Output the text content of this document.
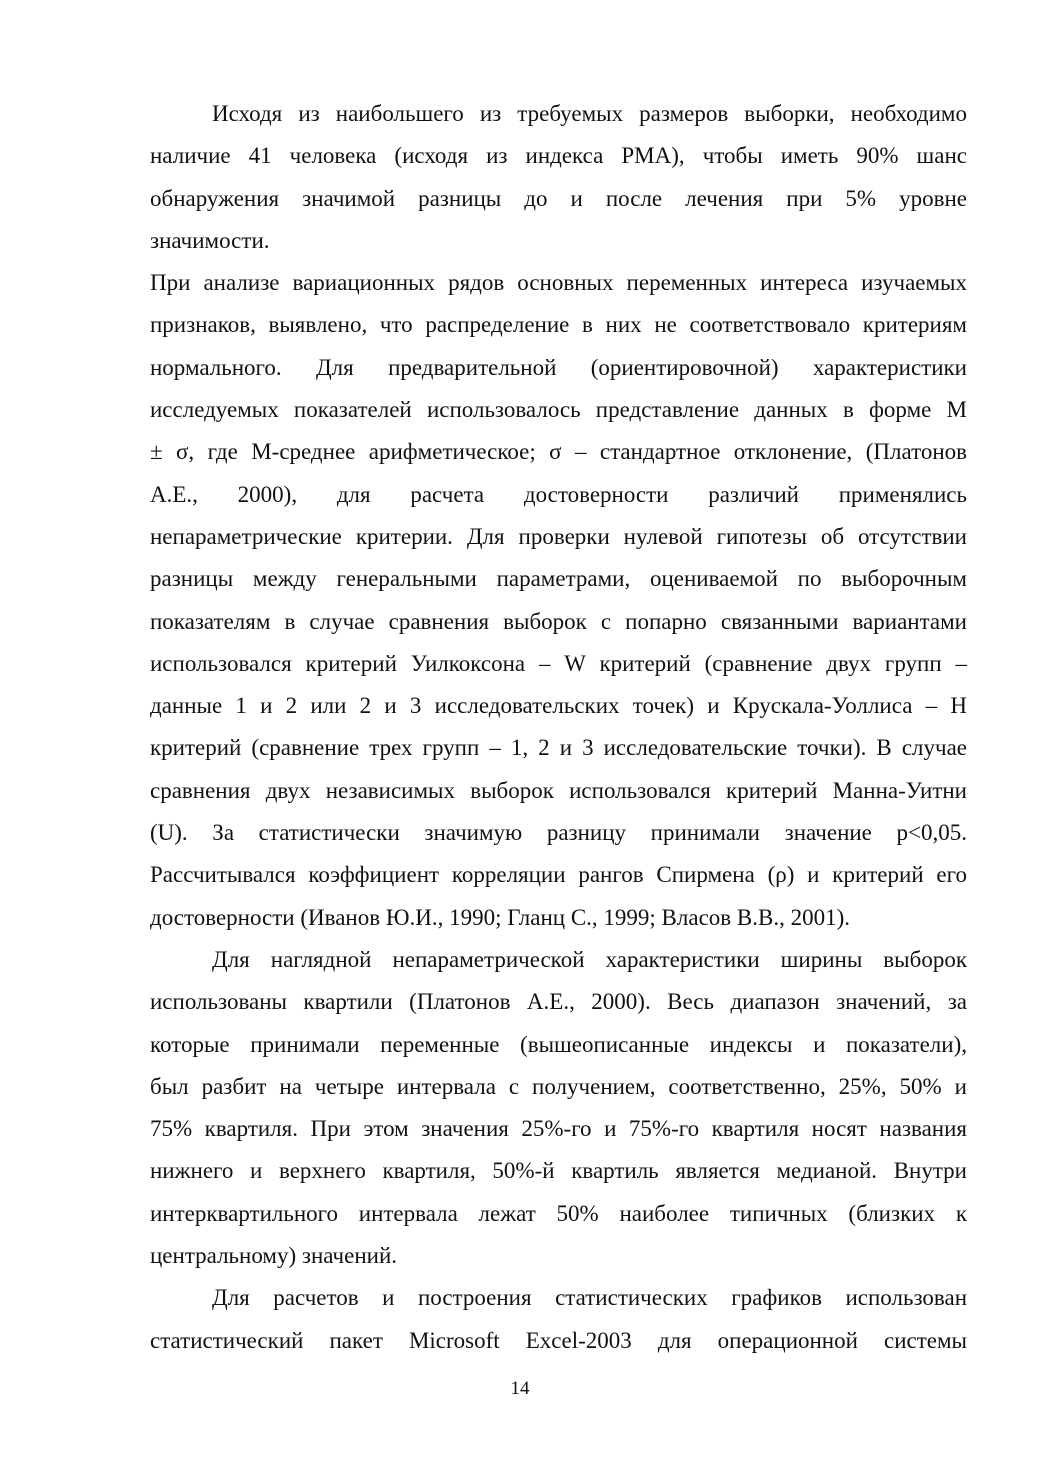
Исходя из наибольшего из требуемых размеров выборки, необходимо
наличие 41 человека (исходя из индекса РМА), чтобы иметь 90% шанс
обнаружения значимой разницы до и после лечения при 5% уровне
значимости.
При анализе вариационных рядов основных переменных интереса изучаемых
признаков, выявлено, что распределение в них не соответствовало критериям
нормального. Для предварительной (ориентировочной) характеристики
исследуемых показателей использовалось представление данных в форме М
± σ, где М-среднее арифметическое; σ – стандартное отклонение, (Платонов
А.Е., 2000), для расчета достоверности различий применялись
непараметрические критерии. Для проверки нулевой гипотезы об отсутствии
разницы между генеральными параметрами, оцениваемой по выборочным
показателям в случае сравнения выборок с попарно связанными вариантами
использовался критерий Уилкоксона – W критерий (сравнение двух групп –
данные 1 и 2 или 2 и 3 исследовательских точек) и Крускала-Уоллиса – Н
критерий (сравнение трех групп – 1, 2 и 3 исследовательские точки). В случае
сравнения двух независимых выборок использовался критерий Манна-Уитни
(U). За статистически значимую разницу принимали значение p<0,05.
Рассчитывался коэффициент корреляции рангов Спирмена (ρ) и критерий его
достоверности (Иванов Ю.И., 1990; Гланц С., 1999; Власов В.В., 2001).
Для наглядной непараметрической характеристики ширины выборок
использованы квартили (Платонов А.Е., 2000). Весь диапазон значений, за
которые принимали переменные (вышеописанные индексы и показатели),
был разбит на четыре интервала с получением, соответственно, 25%, 50% и
75% квартиля. При этом значения 25%-го и 75%-го квартиля носят названия
нижнего и верхнего квартиля, 50%-й квартиль является медианой. Внутри
интерквартильного интервала лежат 50% наиболее типичных (близких к
центральному) значений.
Для расчетов и построения статистических графиков использован
статистический пакет Microsoft Excel-2003 для операционной системы
14
